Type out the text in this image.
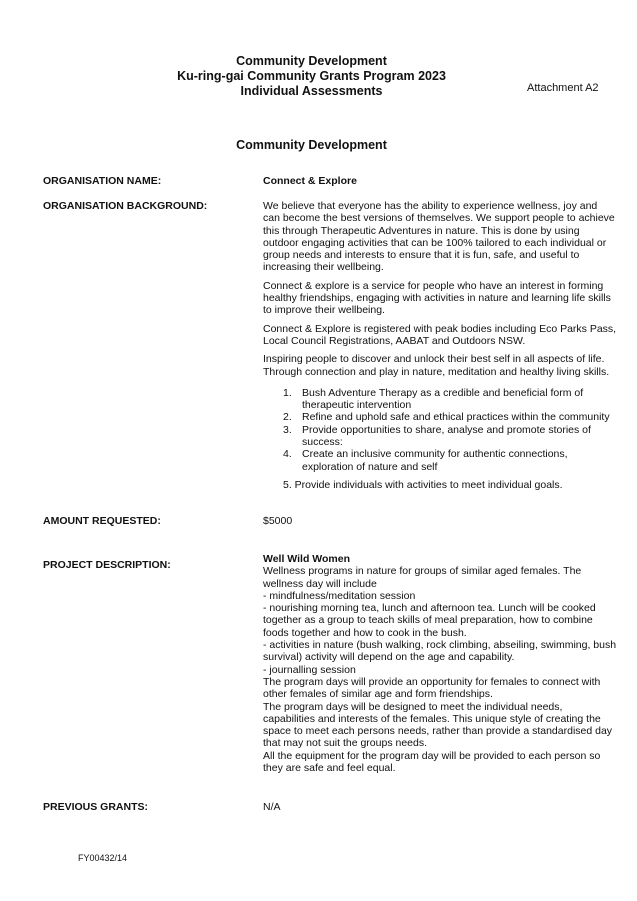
Community Development
Ku-ring-gai Community Grants Program 2023
Individual Assessments	Attachment A2
Community Development
ORGANISATION NAME:	Connect & Explore
ORGANISATION BACKGROUND:	We believe that everyone has the ability to experience wellness, joy and can become the best versions of themselves. We support people to achieve this through Therapeutic Adventures in nature. This is done by using outdoor engaging activities that can be 100% tailored to each individual or group needs and interests to ensure that it is fun, safe, and useful to increasing their wellbeing.

Connect & explore is a service for people who have an interest in forming healthy friendships, engaging with activities in nature and learning life skills to improve their wellbeing.

Connect & Explore is registered with peak bodies including Eco Parks Pass, Local Council Registrations, AABAT and Outdoors NSW.

Inspiring people to discover and unlock their best self in all aspects of life. Through connection and play in nature, meditation and healthy living skills.

1. Bush Adventure Therapy as a credible and beneficial form of therapeutic intervention
2. Refine and uphold safe and ethical practices within the community
3. Provide opportunities to share, analyse and promote stories of success:
4. Create an inclusive community for authentic connections, exploration of nature and self
5. Provide individuals with activities to meet individual goals.
AMOUNT REQUESTED:	$5000
PROJECT DESCRIPTION:	Well Wild Women
Wellness programs in nature for groups of similar aged females. The wellness day will include
- mindfulness/meditation session
- nourishing morning tea, lunch and afternoon tea. Lunch will be cooked together as a group to teach skills of meal preparation, how to combine foods together and how to cook in the bush.
- activities in nature (bush walking, rock climbing, abseiling, swimming, bush survival) activity will depend on the age and capability.
- journalling session
The program days will provide an opportunity for females to connect with other females of similar age and form friendships.
The program days will be designed to meet the individual needs, capabilities and interests of the females. This unique style of creating the space to meet each persons needs, rather than provide a standardised day that may not suit the groups needs.
All the equipment for the program day will be provided to each person so they are safe and feel equal.
PREVIOUS GRANTS:	N/A
FY00432/14
